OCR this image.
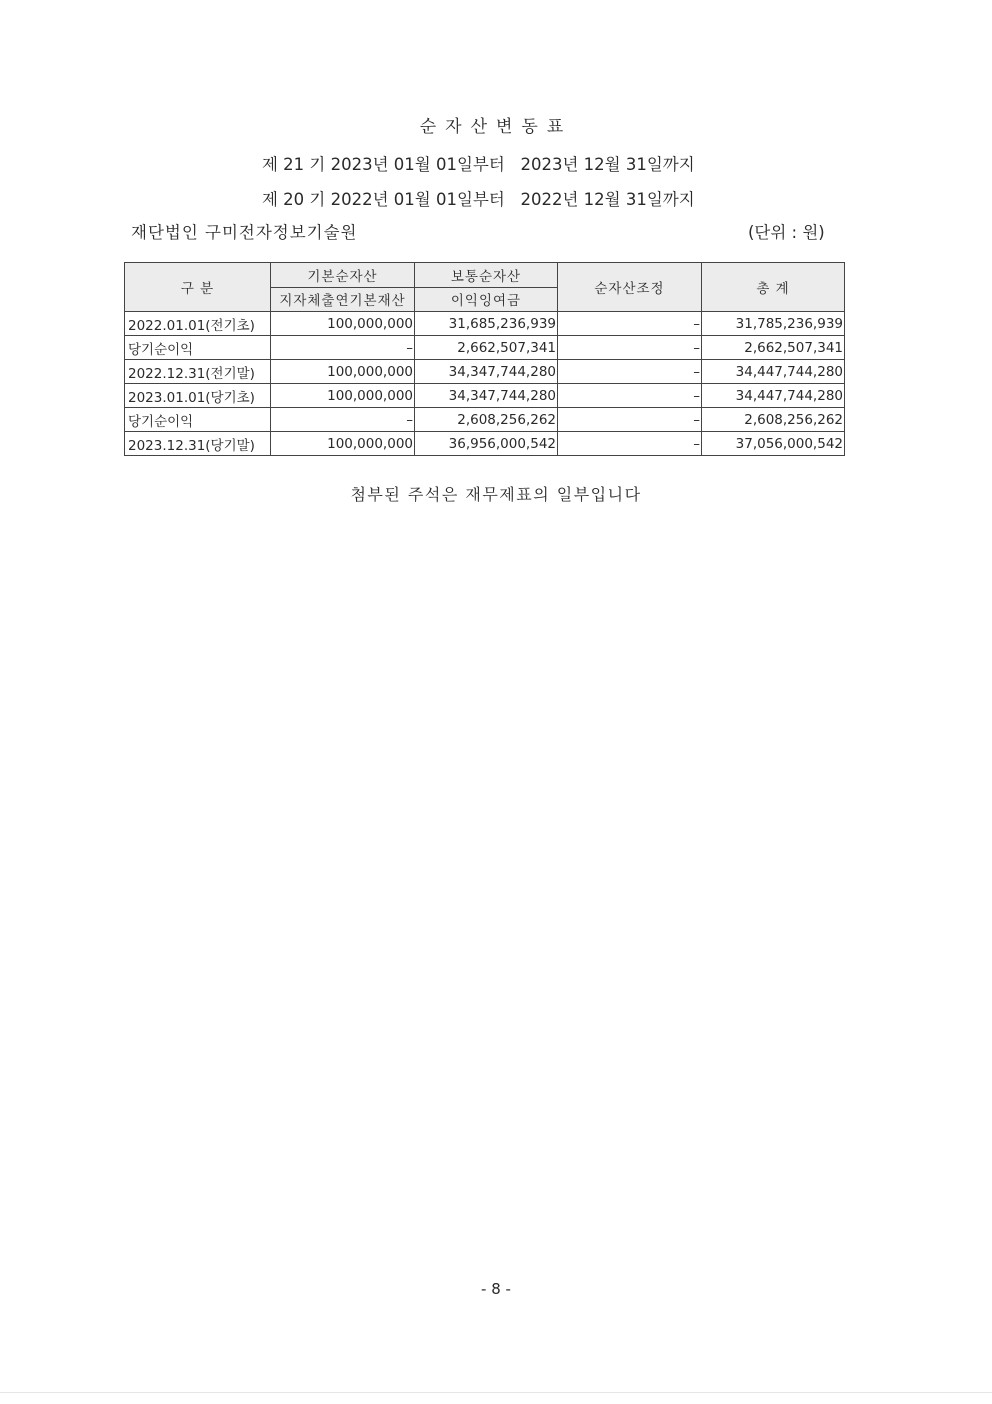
순자산변동표
제 21 기 2023년 01월 01일부터   2023년 12월 31일까지
제 20 기 2022년 01월 01일부터   2022년 12월 31일까지
재단법인 구미전자정보기술원	(단위 : 원)
구 분	기본순자산	보통순자산	순자산조정	총 계
	지자체출연기본재산	이익잉여금		
2022.01.01(전기초)	100,000,000	31,685,236,939	–	31,785,236,939
당기순이익	–	2,662,507,341	–	2,662,507,341
2022.12.31(전기말)	100,000,000	34,347,744,280	–	34,447,744,280
2023.01.01(당기초)	100,000,000	34,347,744,280	–	34,447,744,280
당기순이익	–	2,608,256,262	–	2,608,256,262
2023.12.31(당기말)	100,000,000	36,956,000,542	–	37,056,000,542
첨부된 주석은 재무제표의 일부입니다
- 8 -
